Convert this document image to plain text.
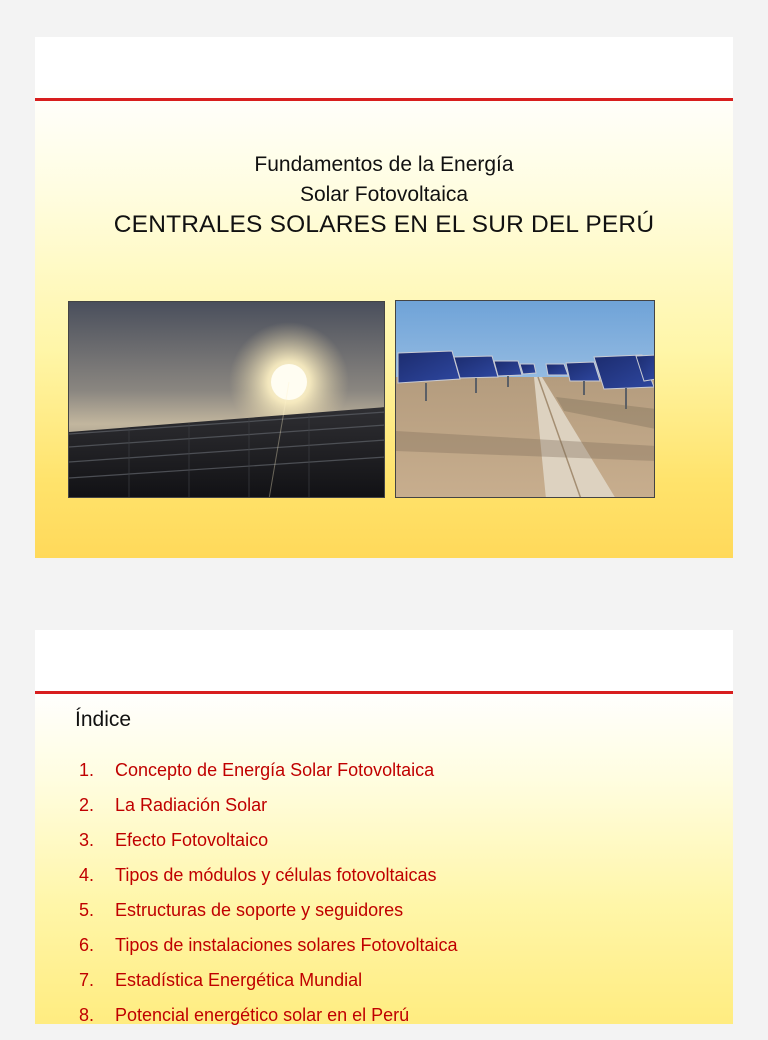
Fundamentos de la Energía
Solar Fotovoltaica
CENTRALES SOLARES EN EL SUR DEL PERÚ
Índice
1. Concepto de Energía Solar Fotovoltaica
2. La Radiación Solar
3. Efecto Fotovoltaico
4. Tipos de módulos y células fotovoltaicas
5. Estructuras de soporte y seguidores
6. Tipos de instalaciones solares Fotovoltaica
7. Estadística Energética Mundial
8. Potencial energético solar en el Perú
